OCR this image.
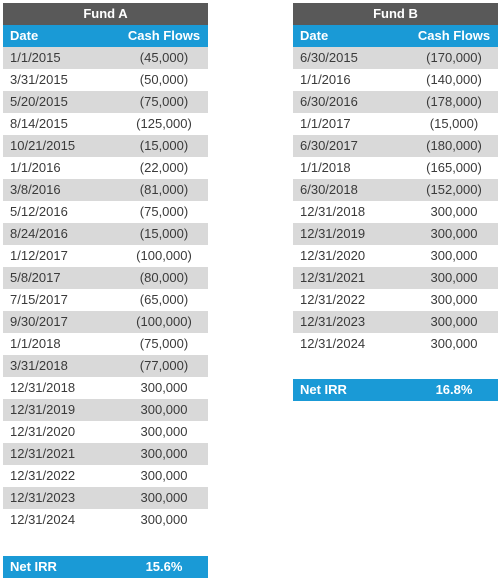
Fund A
Date	Cash Flows
1/1/2015	(45,000)
3/31/2015	(50,000)
5/20/2015	(75,000)
8/14/2015	(125,000)
10/21/2015	(15,000)
1/1/2016	(22,000)
3/8/2016	(81,000)
5/12/2016	(75,000)
8/24/2016	(15,000)
1/12/2017	(100,000)
5/8/2017	(80,000)
7/15/2017	(65,000)
9/30/2017	(100,000)
1/1/2018	(75,000)
3/31/2018	(77,000)
12/31/2018	300,000
12/31/2019	300,000
12/31/2020	300,000
12/31/2021	300,000
12/31/2022	300,000
12/31/2023	300,000
12/31/2024	300,000
Net IRR	15.6%
Fund B
Date	Cash Flows
6/30/2015	(170,000)
1/1/2016	(140,000)
6/30/2016	(178,000)
1/1/2017	(15,000)
6/30/2017	(180,000)
1/1/2018	(165,000)
6/30/2018	(152,000)
12/31/2018	300,000
12/31/2019	300,000
12/31/2020	300,000
12/31/2021	300,000
12/31/2022	300,000
12/31/2023	300,000
12/31/2024	300,000
Net IRR	16.8%
